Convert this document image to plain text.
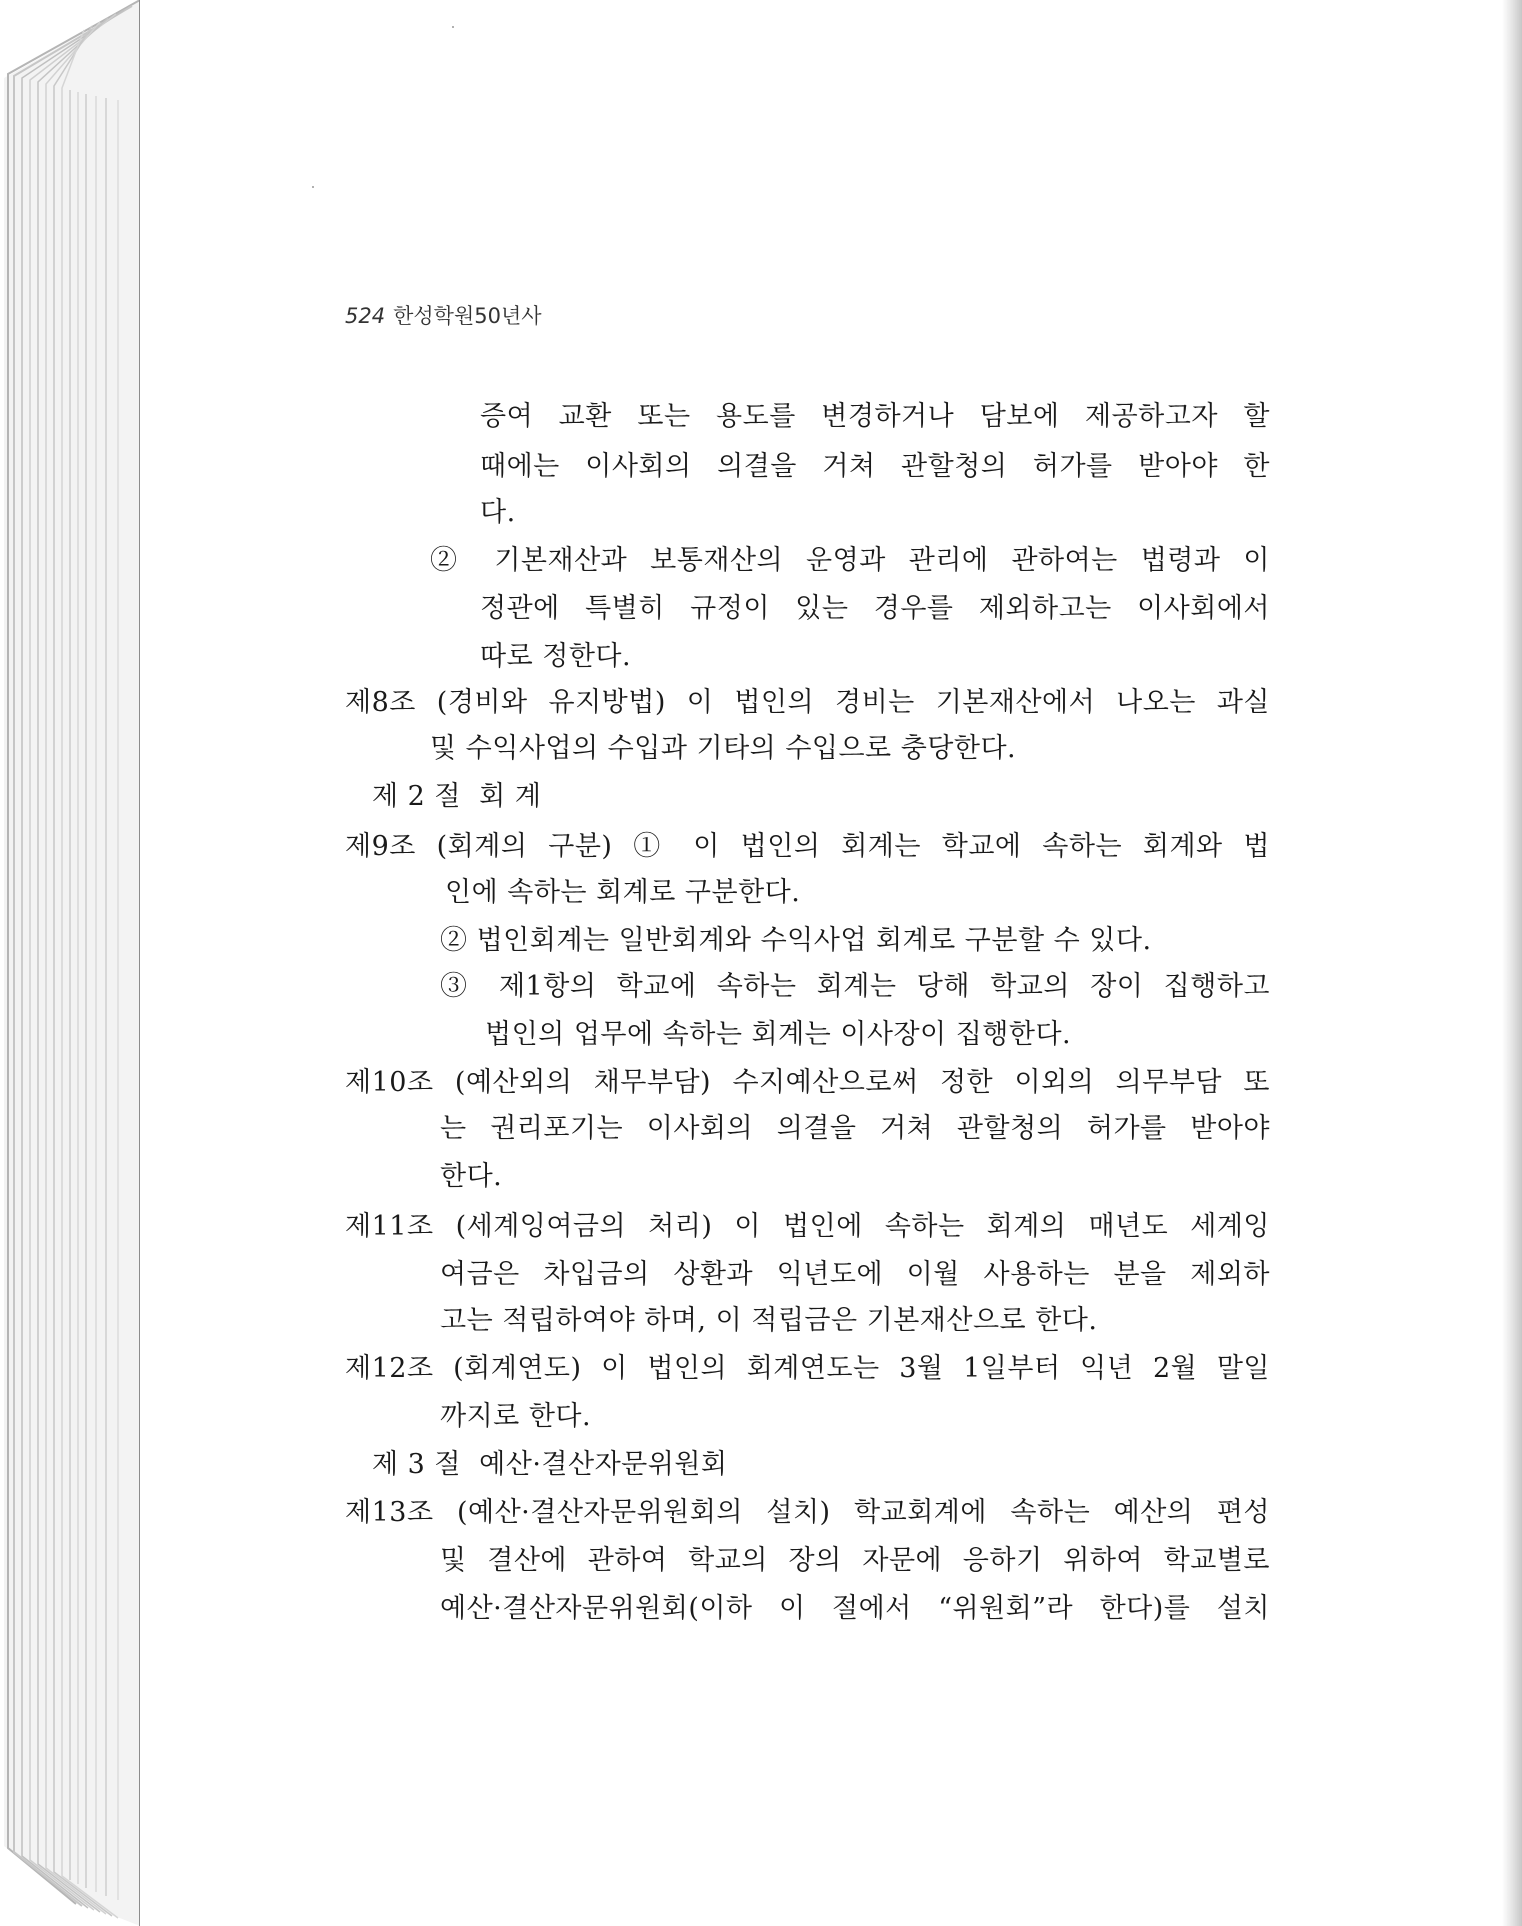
524 한성학원50년사
증여 교환 또는 용도를 변경하거나 담보에 제공하고자 할
때에는 이사회의 의결을 거쳐 관할청의 허가를 받아야 한
다.
② 기본재산과 보통재산의 운영과 관리에 관하여는 법령과 이
정관에 특별히 규정이 있는 경우를 제외하고는 이사회에서
따로 정한다.
제8조 (경비와 유지방법) 이 법인의 경비는 기본재산에서 나오는 과실
및 수익사업의 수입과 기타의 수입으로 충당한다.
제 2 절  회 계
제9조 (회계의 구분) ① 이 법인의 회계는 학교에 속하는 회계와 법
인에 속하는 회계로 구분한다.
② 법인회계는 일반회계와 수익사업 회계로 구분할 수 있다.
③ 제1항의 학교에 속하는 회계는 당해 학교의 장이 집행하고
법인의 업무에 속하는 회계는 이사장이 집행한다.
제10조 (예산외의 채무부담) 수지예산으로써 정한 이외의 의무부담 또
는 권리포기는 이사회의 의결을 거쳐 관할청의 허가를 받아야
한다.
제11조 (세계잉여금의 처리) 이 법인에 속하는 회계의 매년도 세계잉
여금은 차입금의 상환과 익년도에 이월 사용하는 분을 제외하
고는 적립하여야 하며, 이 적립금은 기본재산으로 한다.
제12조 (회계연도) 이 법인의 회계연도는 3월 1일부터 익년 2월 말일
까지로 한다.
제 3 절  예산·결산자문위원회
제13조 (예산·결산자문위원회의 설치) 학교회계에 속하는 예산의 편성
및 결산에 관하여 학교의 장의 자문에 응하기 위하여 학교별로
예산·결산자문위원회(이하 이 절에서 “위원회”라 한다)를 설치
